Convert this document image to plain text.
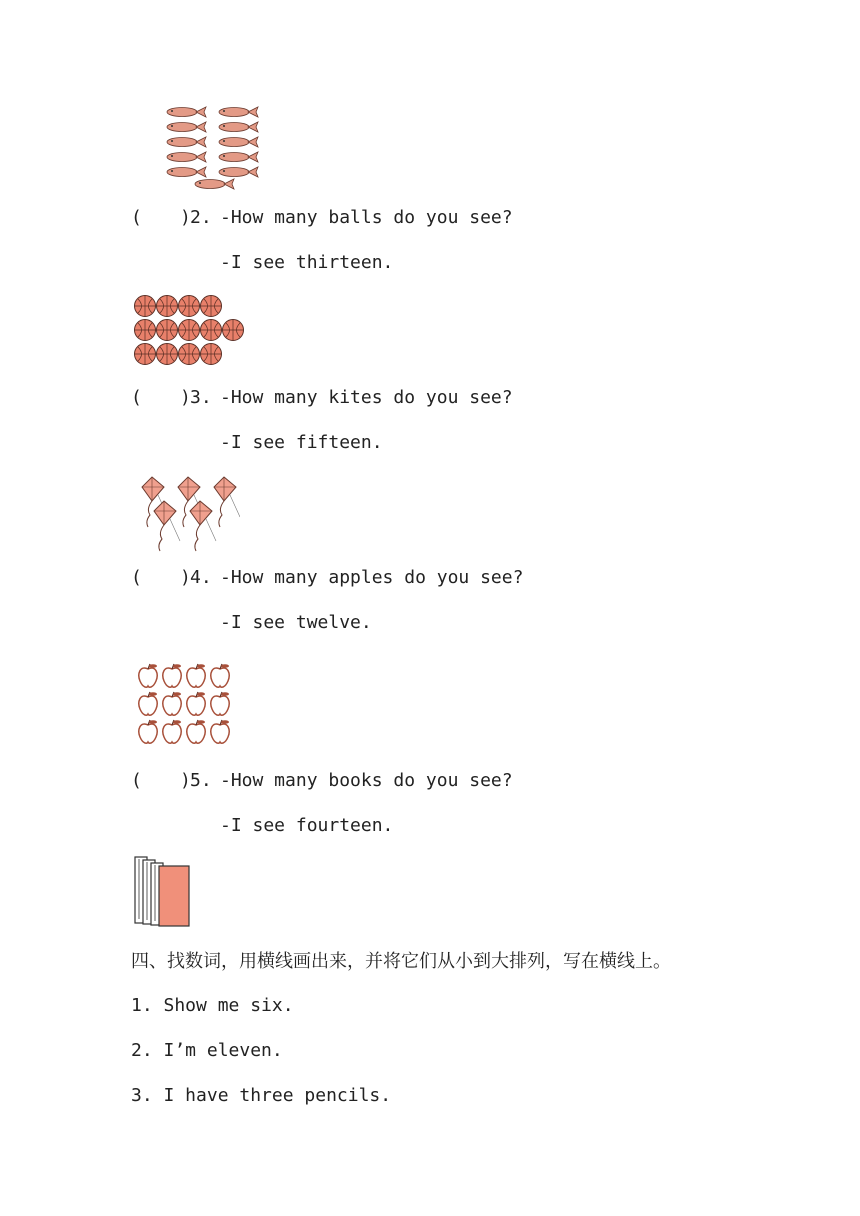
( ) 2. -How many balls do you see?
-I see thirteen.
( ) 3. -How many kites do you see?
-I see fifteen.
( ) 4. -How many apples do you see?
-I see twelve.
( ) 5. -How many books do you see?
-I see fourteen.
四、找数词，用横线画出来，并将它们从小到大排列，写在横线上。
1. Show me six.
2. I’m eleven.
3. I have three pencils.
